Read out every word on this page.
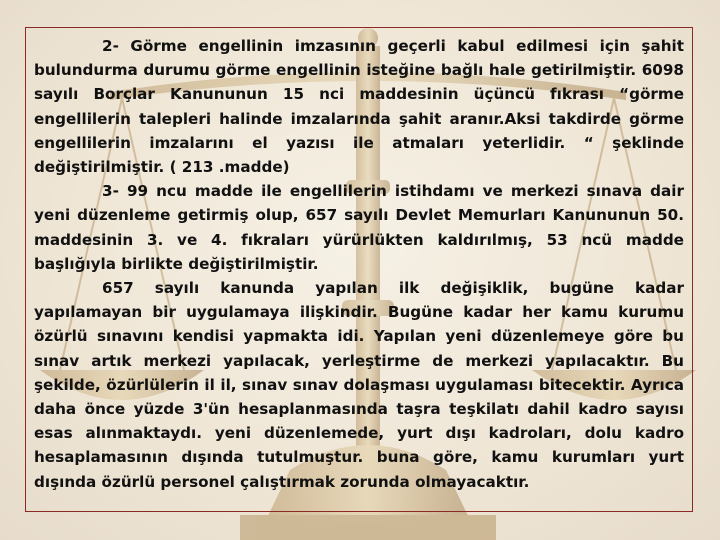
2- Görme engellinin imzasının geçerli kabul edilmesi için şahit bulundurma durumu görme engellinin isteğine bağlı hale getirilmiştir. 6098 sayılı Borçlar Kanununun 15 nci maddesinin üçüncü fıkrası “görme engellilerin talepleri halinde imzalarında şahit aranır.Aksi takdirde görme engellilerin imzalarını el yazısı ile atmaları yeterlidir. “ şeklinde değiştirilmiştir. ( 213 .madde)

3- 99 ncu madde ile engellilerin istihdamı ve merkezi sınava dair yeni düzenleme getirmiş olup, 657 sayılı Devlet Memurları Kanununun 50. maddesinin 3. ve 4. fıkraları yürürlükten kaldırılmış, 53 ncü madde başlığıyla birlikte değiştirilmiştir.

657 sayılı kanunda yapılan ilk değişiklik, bugüne kadar yapılamayan bir uygulamaya ilişkindir. Bugüne kadar her kamu kurumu özürlü sınavını kendisi yapmakta idi. Yapılan yeni düzenlemeye göre bu sınav artık merkezi yapılacak, yerleştirme de merkezi yapılacaktır. Bu şekilde, özürlülerin il il, sınav sınav dolaşması uygulaması bitecektir. Ayrıca daha önce yüzde 3'ün hesaplanmasında taşra teşkilatı dahil kadro sayısı esas alınmaktaydı. yeni düzenlemede, yurt dışı kadroları, dolu kadro hesaplamasının dışında tutulmuştur. buna göre, kamu kurumları yurt dışında özürlü personel çalıştırmak zorunda olmayacaktır.
